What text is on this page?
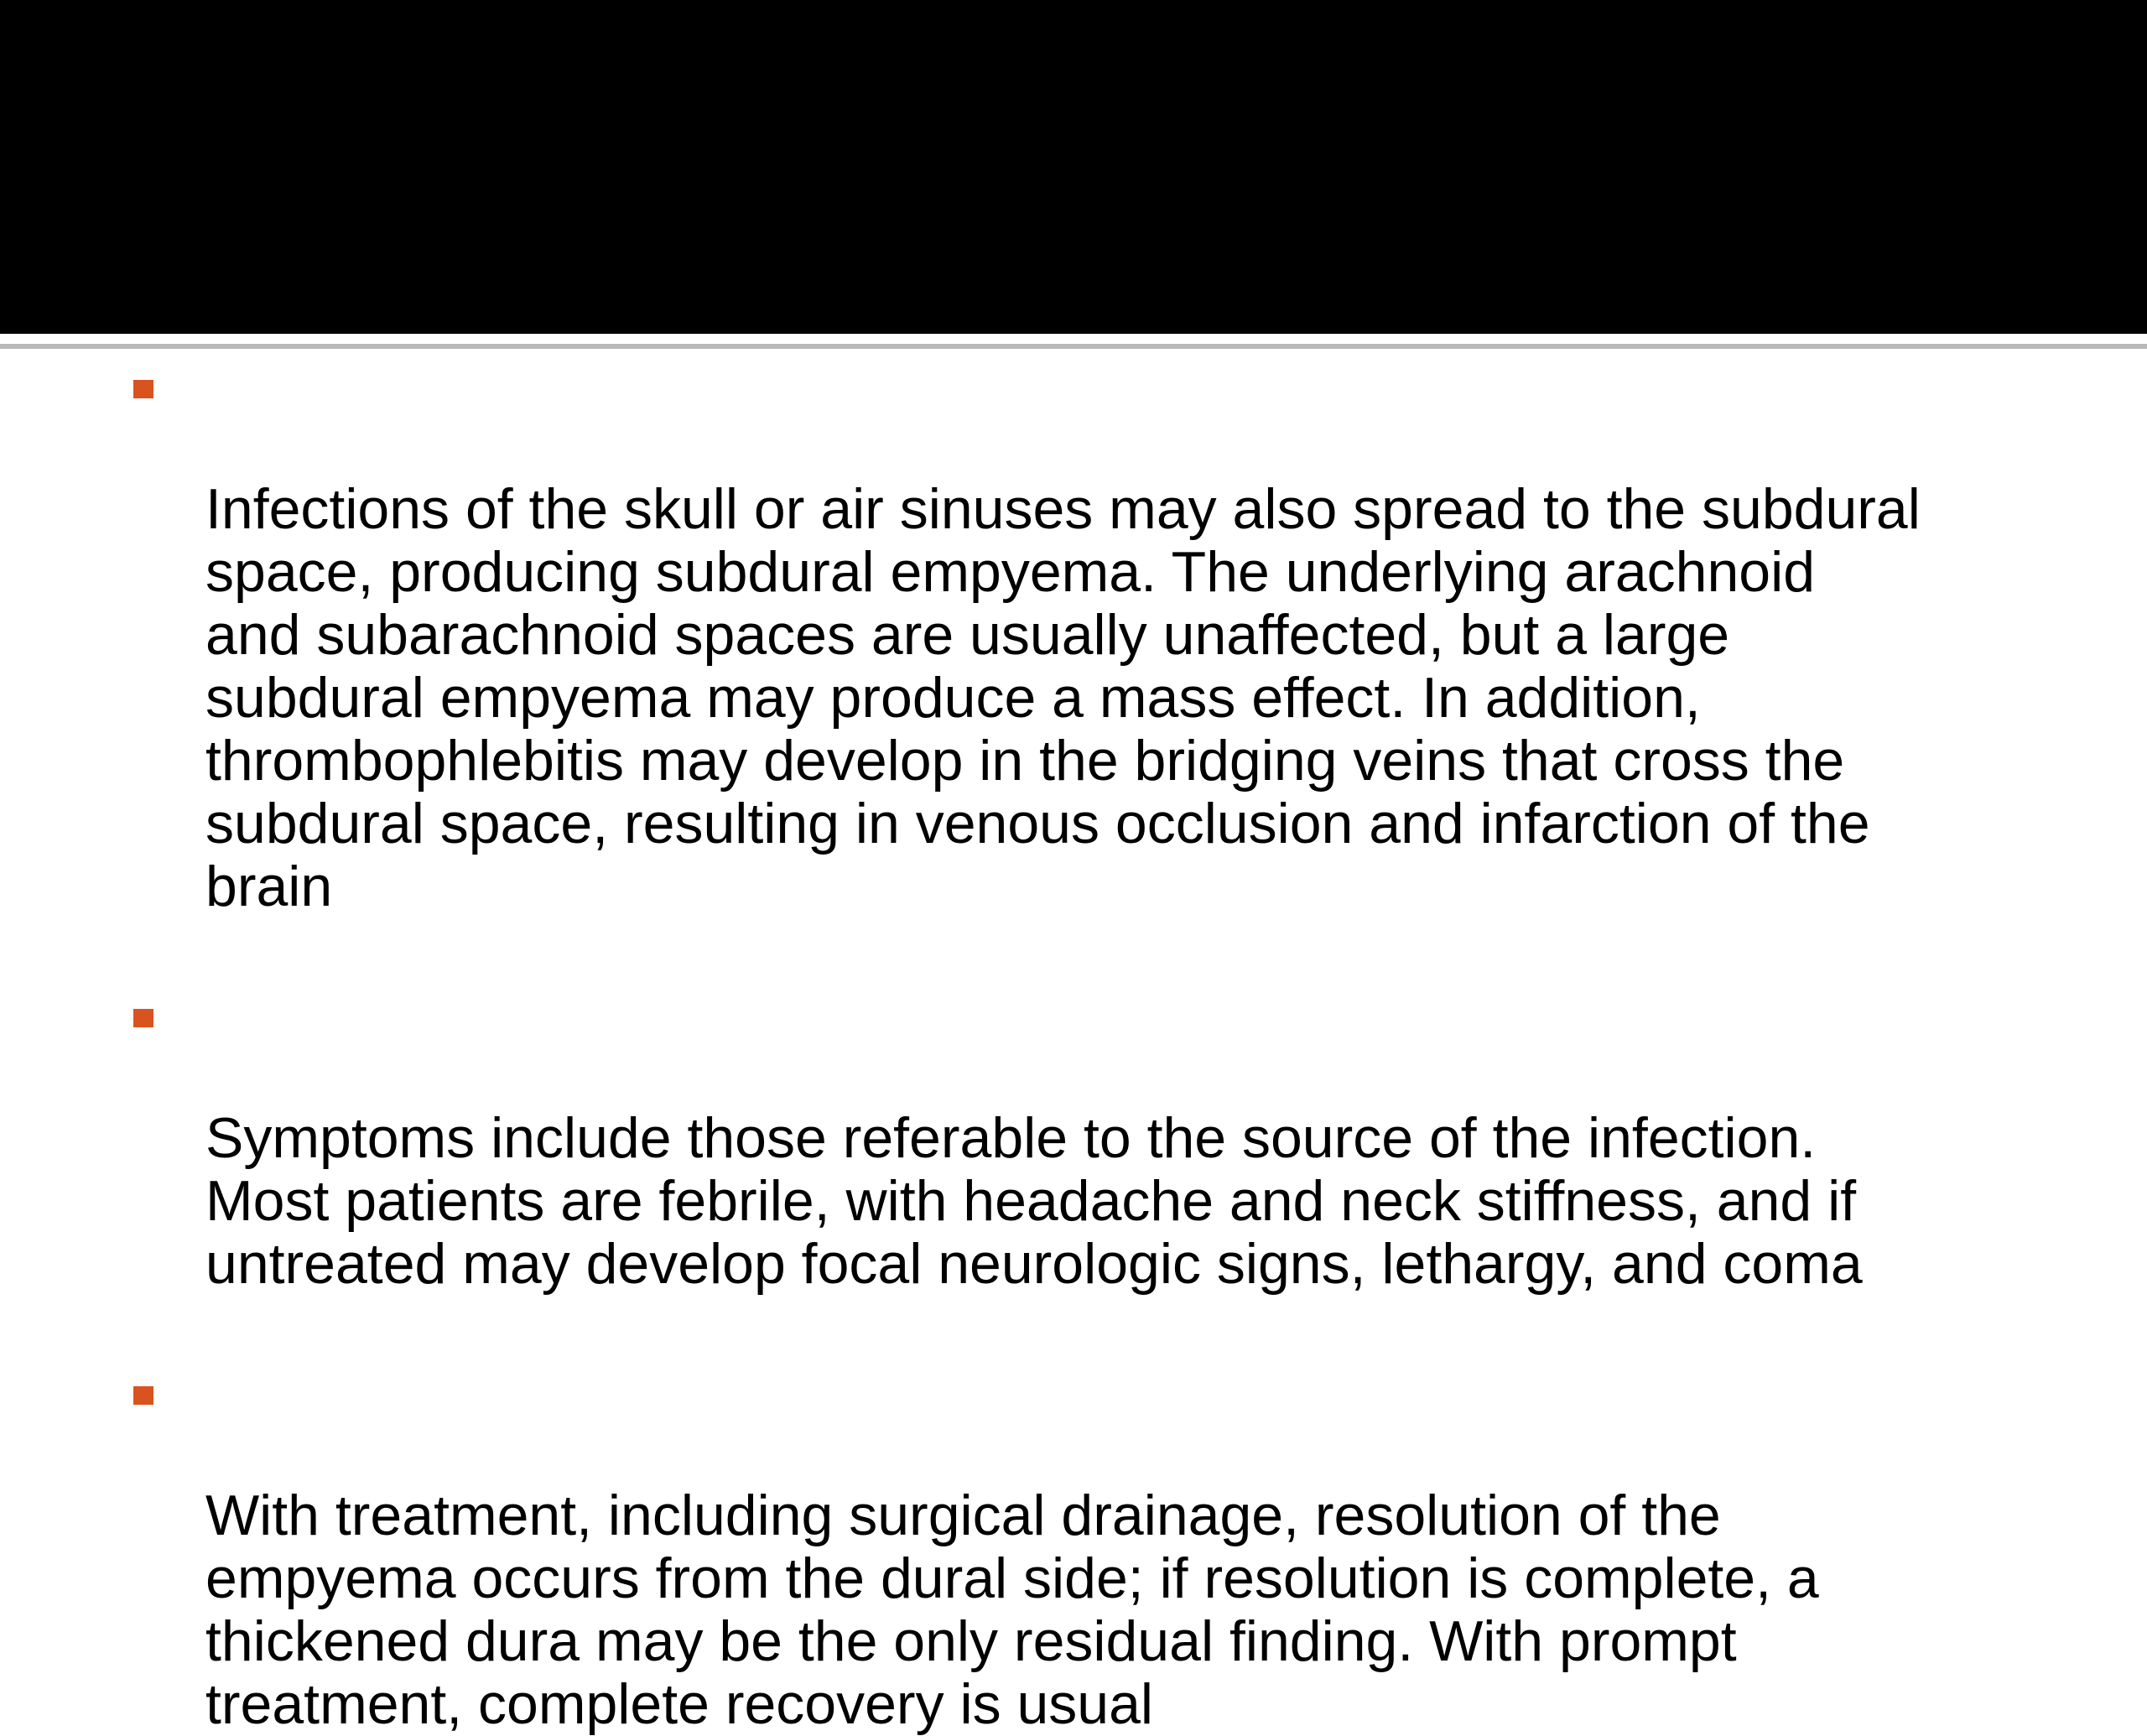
Infections of the skull or air sinuses may also spread to the subdural
space, producing subdural empyema. The underlying arachnoid
and subarachnoid spaces are usually unaffected, but a large
subdural empyema may produce a mass effect. In addition,
thrombophlebitis may develop in the bridging veins that cross the
subdural space, resulting in venous occlusion and infarction of the
brain

Symptoms include those referable to the source of the infection.
Most patients are febrile, with headache and neck stiffness, and if
untreated may develop focal neurologic signs, lethargy, and coma

With treatment, including surgical drainage, resolution of the
empyema occurs from the dural side; if resolution is complete, a
thickened dura may be the only residual finding. With prompt
treatment, complete recovery is usual
